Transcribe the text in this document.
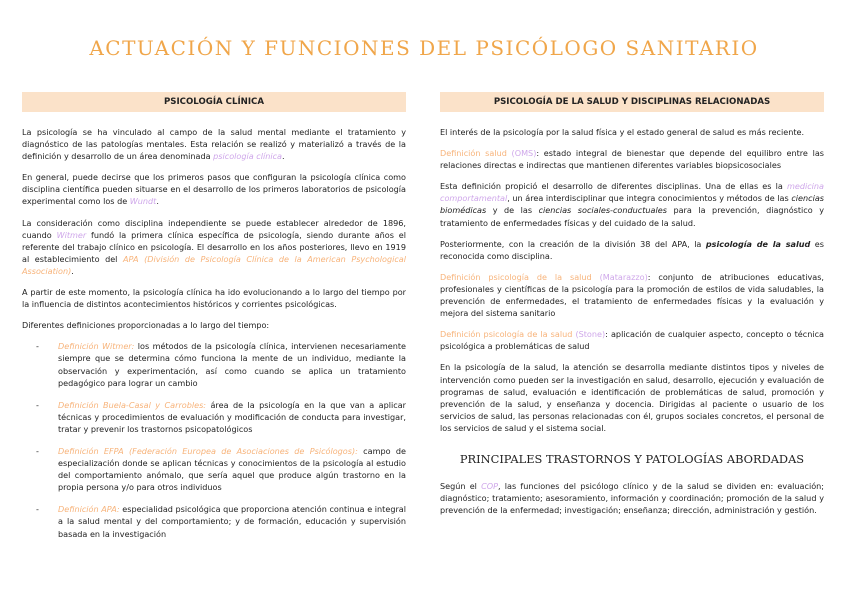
ACTUACIÓN Y FUNCIONES DEL PSICÓLOGO SANITARIO
PSICOLOGÍA CLÍNICA

La psicología se ha vinculado al campo de la salud mental mediante el tratamiento y diagnóstico de las patologías mentales. Esta relación se realizó y materializó a través de la definición y desarrollo de un área denominada psicología clínica.

En general, puede decirse que los primeros pasos que configuran la psicología clínica como disciplina científica pueden situarse en el desarrollo de los primeros laboratorios de psicología experimental como los de Wundt.

La consideración como disciplina independiente se puede establecer alrededor de 1896, cuando Witmer fundó la primera clínica específica de psicología, siendo durante años el referente del trabajo clínico en psicología. El desarrollo en los años posteriores, llevo en 1919 al establecimiento del APA (División de Psicología Clínica de la American Psychological Association).

A partir de este momento, la psicología clínica ha ido evolucionando a lo largo del tiempo por la influencia de distintos acontecimientos históricos y corrientes psicológicas.

Diferentes definiciones proporcionadas a lo largo del tiempo:

- Definición Witmer: los métodos de la psicología clínica, intervienen necesariamente siempre que se determina cómo funciona la mente de un individuo, mediante la observación y experimentación, así como cuando se aplica un tratamiento pedagógico para lograr un cambio
- Definición Buela-Casal y Carrobles: área de la psicología en la que van a aplicar técnicas y procedimientos de evaluación y modificación de conducta para investigar, tratar y prevenir los trastornos psicopatológicos
- Definición EFPA (Federación Europea de Asociaciones de Psicólogos): campo de especialización donde se aplican técnicas y conocimientos de la psicología al estudio del comportamiento anómalo, que sería aquel que produce algún trastorno en la propia persona y/o para otros individuos
- Definición APA: especialidad psicológica que proporciona atención continua e integral a la salud mental y del comportamiento; y de formación, educación y supervisión basada en la investigación
PSICOLOGÍA DE LA SALUD Y DISCIPLINAS RELACIONADAS

El interés de la psicología por la salud física y el estado general de salud es más reciente.

Definición salud (OMS): estado integral de bienestar que depende del equilibro entre las relaciones directas e indirectas que mantienen diferentes variables biopsicosociales

Esta definición propició el desarrollo de diferentes disciplinas. Una de ellas es la medicina comportamental, un área interdisciplinar que integra conocimientos y métodos de las ciencias biomédicas y de las ciencias sociales-conductuales para la prevención, diagnóstico y tratamiento de enfermedades físicas y del cuidado de la salud.

Posteriormente, con la creación de la división 38 del APA, la psicología de la salud es reconocida como disciplina.

Definición psicología de la salud (Matarazzo): conjunto de atribuciones educativas, profesionales y científicas de la psicología para la promoción de estilos de vida saludables, la prevención de enfermedades, el tratamiento de enfermedades físicas y la evaluación y mejora del sistema sanitario

Definición psicología de la salud (Stone): aplicación de cualquier aspecto, concepto o técnica psicológica a problemáticas de salud

En la psicología de la salud, la atención se desarrolla mediante distintos tipos y niveles de intervención como pueden ser la investigación en salud, desarrollo, ejecución y evaluación de programas de salud, evaluación e identificación de problemáticas de salud, promoción y prevención de la salud, y enseñanza y docencia. Dirigidas al paciente o usuario de los servicios de salud, las personas relacionadas con él, grupos sociales concretos, el personal de los servicios de salud y el sistema social.

PRINCIPALES TRASTORNOS Y PATOLOGÍAS ABORDADAS

Según el COP, las funciones del psicólogo clínico y de la salud se dividen en: evaluación; diagnóstico; tratamiento; asesoramiento, información y coordinación; promoción de la salud y prevención de la enfermedad; investigación; enseñanza; dirección, administración y gestión.
